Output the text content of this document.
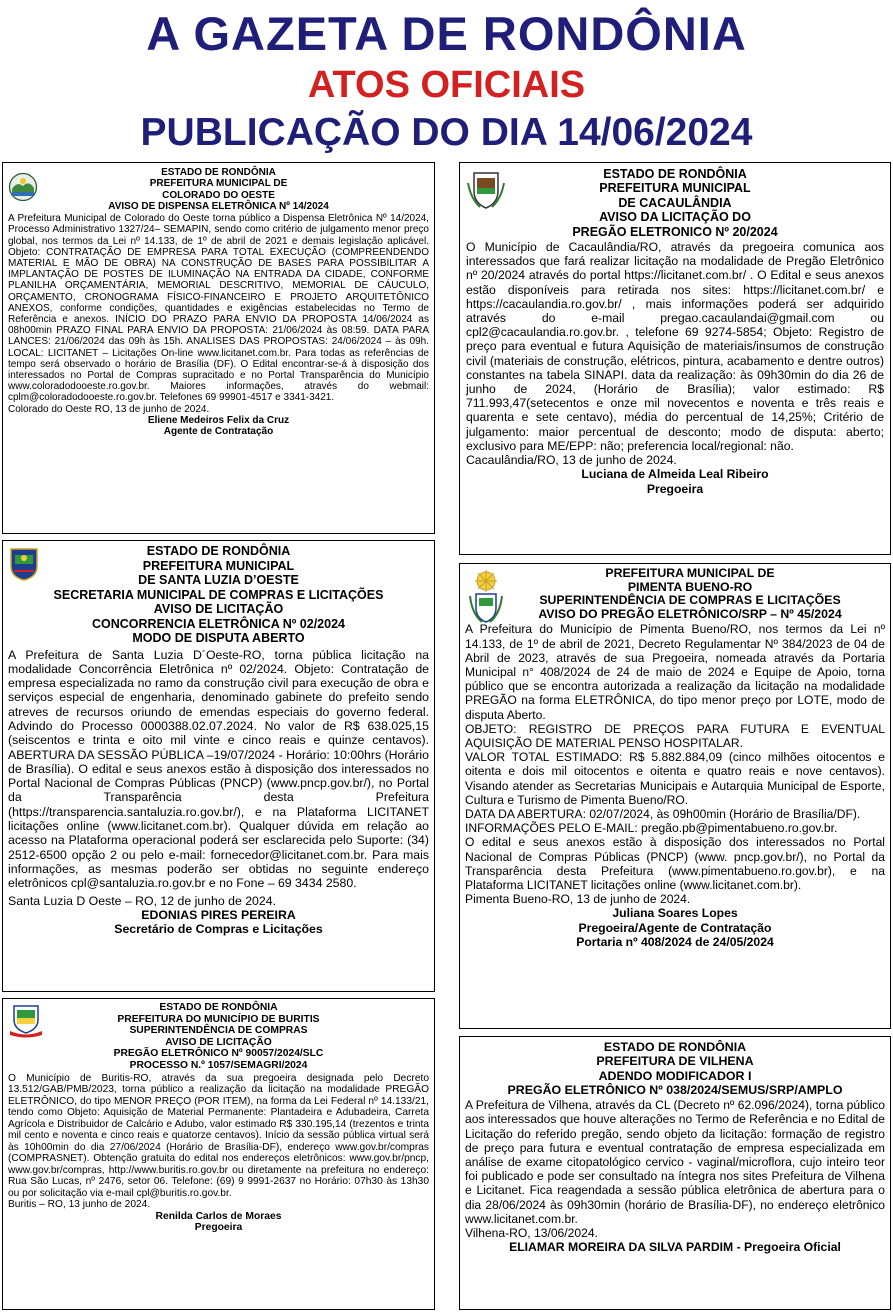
A GAZETA DE RONDÔNIA
ATOS OFICIAIS
PUBLICAÇÃO DO DIA 14/06/2024
ESTADO DE RONDÔNIA
PREFEITURA MUNICIPAL DE
COLORADO DO OESTE
AVISO DE DISPENSA ELETRÔNICA Nº 14/2024
A Prefeitura Municipal de Colorado do Oeste torna público a Dispensa Eletrônica Nº 14/2024, Processo Administrativo 1327/24– SEMAPIN, sendo como critério de julgamento menor preço global, nos termos da Lei nº 14.133, de 1º de abril de 2021 e demais legislação aplicável. Objeto: CONTRATAÇÃO DE EMPRESA PARA TOTAL EXECUÇÃO (COMPREENDENDO MATERIAL E MÃO DE OBRA) NA CONSTRUÇÃO DE BASES PARA POSSIBILITAR A IMPLANTAÇÃO DE POSTES DE ILUMINAÇÃO NA ENTRADA DA CIDADE, CONFORME PLANILHA ORÇAMENTÁRIA, MEMORIAL DESCRITIVO, MEMORIAL DE CÁUCULO, ORÇAMENTO, CRONOGRAMA FÍSICO-FINANCEIRO E PROJETO ARQUITETÔNICO ANEXOS, conforme condições, quantidades e exigências estabelecidas no Termo de Referência e anexos. INÍCIO DO PRAZO PARA ENVIO DA PROPOSTA 14/06/2024 as 08h00min PRAZO FINAL PARA ENVIO DA PROPOSTA: 21/06/2024 às 08:59. DATA PARA LANCES: 21/06/2024 das 09h às 15h. ANALISES DAS PROPOSTAS: 24/06/2024 – às 09h. LOCAL: LICITANET – Licitações On-line www.licitanet.com.br. Para todas as referências de tempo será observado o horário de Brasília (DF). O Edital encontrar-se-á à disposição dos interessados no Portal de Compras supracitado e no Portal Transparência do Município www.coloradodooeste.ro.gov.br. Maiores informações, através do webmail: cplm@coloradodooeste.ro.gov.br. Telefones 69 99901-4517 e 3341-3421.
Colorado do Oeste RO, 13 de junho de 2024.
Eliene Medeiros Felix da Cruz
Agente de Contratação
ESTADO DE RONDÔNIA
PREFEITURA MUNICIPAL
DE SANTA LUZIA D’OESTE
SECRETARIA MUNICIPAL DE COMPRAS E LICITAÇÕES
AVISO DE LICITAÇÃO
CONCORRENCIA ELETRÔNICA Nº 02/2024
MODO DE DISPUTA ABERTO
A Prefeitura de Santa Luzia D´Oeste-RO, torna pública licitação na modalidade Concorrência Eletrônica nº 02/2024. Objeto: Contratação de empresa especializada no ramo da construção civil para execução de obra e serviços especial de engenharia, denominado gabinete do prefeito sendo atreves de recursos oriundo de emendas especiais do governo federal. Advindo do Processo 0000388.02.07.2024. No valor de R$ 638.025,15 (seiscentos e trinta e oito mil vinte e cinco reais e quinze centavos). ABERTURA DA SESSÃO PÚBLICA –19/07/2024 - Horário: 10:00hrs (Horário de Brasília). O edital e seus anexos estão à disposição dos interessados no Portal Nacional de Compras Públicas (PNCP) (www.pncp.gov.br/), no Portal da Transparência desta Prefeitura (https://transparencia.santaluzia.ro.gov.br/), e na Plataforma LICITANET licitações online (www.licitanet.com.br). Qualquer dúvida em relação ao acesso na Plataforma operacional poderá ser esclarecida pelo Suporte: (34) 2512-6500 opção 2 ou pelo e-mail: fornecedor@licitanet.com.br. Para mais informações, as mesmas poderão ser obtidas no seguinte endereço eletrônicos cpl@santaluzia.ro.gov.br e no Fone – 69 3434 2580.
Santa Luzia D Oeste – RO, 12 de junho de 2024.
EDONIAS PIRES PEREIRA
Secretário de Compras e Licitações
ESTADO DE RONDÔNIA
PREFEITURA DO MUNICÍPIO DE BURITIS
SUPERINTENDÊNCIA DE COMPRAS
AVISO DE LICITAÇÃO
PREGÃO ELETRÔNICO Nº 90057/2024/SLC
PROCESSO N.º 1057/SEMAGRI/2024
O Município de Buritis-RO, através da sua pregoeira designada pelo Decreto 13.512/GAB/PMB/2023, torna público a realização da licitação na modalidade PREGÃO ELETRÔNICO, do tipo MENOR PREÇO (POR ITEM), na forma da Lei Federal nº 14.133/21, tendo como Objeto: Aquisição de Material Permanente: Plantadeira e Adubadeira, Carreta Agrícola e Distribuidor de Calcário e Adubo, valor estimado R$ 330.195,14 (trezentos e trinta mil cento e noventa e cinco reais e quatorze centavos). Início da sessão pública virtual será às 10h00min do dia 27/06/2024 (Horário de Brasília-DF), endereço www.gov.br/compras (COMPRASNET). Obtenção gratuita do edital nos endereços eletrônicos: www.gov.br/pncp, www.gov.br/compras, http://www.buritis.ro.gov.br ou diretamente na prefeitura no endereço: Rua São Lucas, nº 2476, setor 06. Telefone: (69) 9 9991-2637 no Horário: 07h30 às 13h30 ou por solicitação via e-mail cpl@buritis.ro.gov.br.
Buritis – RO, 13 junho de 2024.
Renilda Carlos de Moraes
Pregoeira
ESTADO DE RONDÔNIA
PREFEITURA MUNICIPAL
DE CACAULÂNDIA
AVISO DA LICITAÇÃO DO
PREGÃO ELETRONICO Nº 20/2024
O Município de Cacaulândia/RO, através da pregoeira comunica aos interessados que fará realizar licitação na modalidade de Pregão Eletrônico nº 20/2024 através do portal https://licitanet.com.br/ . O Edital e seus anexos estão disponíveis para retirada nos sites: https://licitanet.com.br/ e https://cacaulandia.ro.gov.br/ , mais informações poderá ser adquirido através do e-mail pregao.cacaulandai@gmail.com ou cpl2@cacaulandia.ro.gov.br. , telefone 69 9274-5854; Objeto: Registro de preço para eventual e futura Aquisição de materiais/insumos de construção civil (materiais de construção, elétricos, pintura, acabamento e dentre outros) constantes na tabela SINAPI. data da realização: às 09h30min do dia 26 de junho de 2024, (Horário de Brasília); valor estimado: R$ 711.993,47(setecentos e onze mil novecentos e noventa e três reais e quarenta e sete centavo), média do percentual de 14,25%; Critério de julgamento: maior percentual de desconto; modo de disputa: aberto; exclusivo para ME/EPP: não; preferencia local/regional: não.
Cacaulândia/RO, 13 de junho de 2024.
Luciana de Almeida Leal Ribeiro
Pregoeira
PREFEITURA MUNICIPAL DE
PIMENTA BUENO-RO
SUPERINTENDÊNCIA DE COMPRAS E LICITAÇÕES
AVISO DO PREGÃO ELETRÔNICO/SRP – Nº 45/2024
A Prefeitura do Município de Pimenta Bueno/RO, nos termos da Lei nº 14.133, de 1º de abril de 2021, Decreto Regulamentar Nº 384/2023 de 04 de Abril de 2023, através de sua Pregoeira, nomeada através da Portaria Municipal n° 408/2024 de 24 de maio de 2024 e Equipe de Apoio, torna público que se encontra autorizada a realização da licitação na modalidade PREGÃO na forma ELETRÔNICA, do tipo menor preço por LOTE, modo de disputa Aberto.
OBJETO: REGISTRO DE PREÇOS PARA FUTURA E EVENTUAL AQUISIÇÃO DE MATERIAL PENSO HOSPITALAR.
VALOR TOTAL ESTIMADO: R$ 5.882.884,09 (cinco milhões oitocentos e oitenta e dois mil oitocentos e oitenta e quatro reais e nove centavos). Visando atender as Secretarias Municipais e Autarquia Municipal de Esporte, Cultura e Turismo de Pimenta Bueno/RO.
DATA DA ABERTURA: 02/07/2024, às 09h00min (Horário de Brasília/DF).
INFORMAÇÕES PELO E-MAIL: pregão.pb@pimentabueno.ro.gov.br.
O edital e seus anexos estão à disposição dos interessados no Portal Nacional de Compras Públicas (PNCP) (www. pncp.gov.br/), no Portal da Transparência desta Prefeitura (www.pimentabueno.ro.gov.br), e na Plataforma LICITANET licitações online (www.licitanet.com.br).
Pimenta Bueno-RO, 13 de junho de 2024.
Juliana Soares Lopes
Pregoeira/Agente de Contratação
Portaria nº 408/2024 de 24/05/2024
ESTADO DE RONDÔNIA
PREFEITURA DE VILHENA
ADENDO MODIFICADOR I
PREGÃO ELETRÔNICO Nº 038/2024/SEMUS/SRP/AMPLO
A Prefeitura de Vilhena, através da CL (Decreto nº 62.096/2024), torna público aos interessados que houve alterações no Termo de Referência e no Edital de Licitação do referido pregão, sendo objeto da licitação: formação de registro de preço para futura e eventual contratação de empresa especializada em análise de exame citopatológico cervico - vaginal/microflora, cujo inteiro teor foi publicado e pode ser consultado na íntegra nos sites Prefeitura de Vilhena e Licitanet. Fica reagendada a sessão pública eletrônica de abertura para o dia 28/06/2024 às 09h30min (horário de Brasília-DF), no endereço eletrônico www.licitanet.com.br.
Vilhena-RO, 13/06/2024.
ELIAMAR MOREIRA DA SILVA PARDIM - Pregoeira Oficial
